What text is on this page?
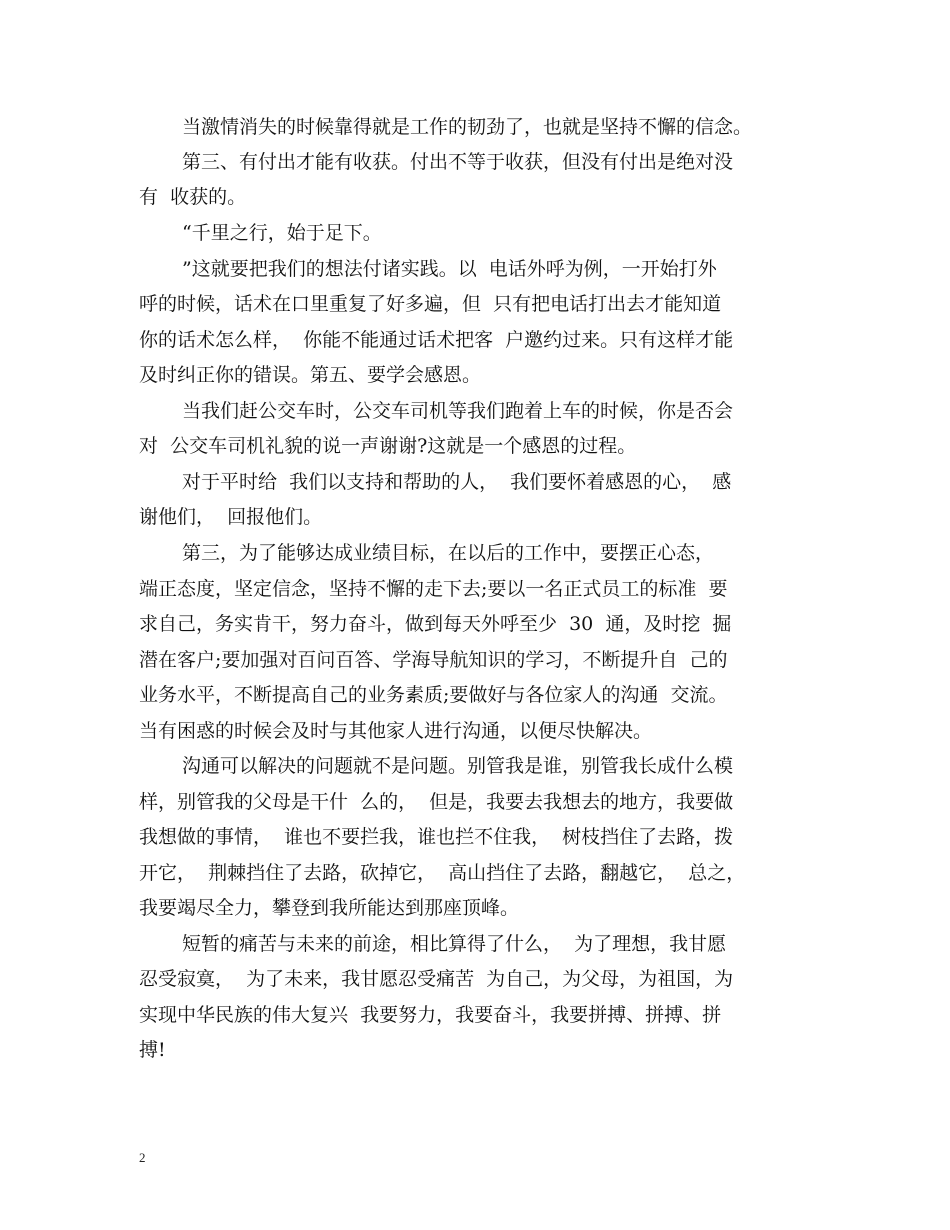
当激情消失的时候靠得就是工作的韧劲了，也就是坚持不懈的信念。
第三、有付出才能有收获。付出不等于收获，但没有付出是绝对没
有  收获的。
“千里之行，始于足下。
”这就要把我们的想法付诸实践。以  电话外呼为例，一开始打外
呼的时候，话术在口里重复了好多遍，但  只有把电话打出去才能知道
你的话术怎么样，  你能不能通过话术把客  户邀约过来。只有这样才能
及时纠正你的错误。第五、要学会感恩。
当我们赶公交车时，公交车司机等我们跑着上车的时候，你是否会
对  公交车司机礼貌的说一声谢谢?这就是一个感恩的过程。
对于平时给  我们以支持和帮助的人，  我们要怀着感恩的心，  感
谢他们，  回报他们。
第三，为了能够达成业绩目标，在以后的工作中，要摆正心态，
端正态度，坚定信念，坚持不懈的走下去;要以一名正式员工的标准  要
求自己，务实肯干，努力奋斗，做到每天外呼至少  30  通，及时挖  掘
潜在客户;要加强对百问百答、学海导航知识的学习，不断提升自  己的
业务水平，不断提高自己的业务素质;要做好与各位家人的沟通  交流。
当有困惑的时候会及时与其他家人进行沟通，以便尽快解决。
沟通可以解决的问题就不是问题。别管我是谁，别管我长成什么模
样，别管我的父母是干什  么的，  但是，我要去我想去的地方，我要做
我想做的事情，  谁也不要拦我，谁也拦不住我，  树枝挡住了去路，拨
开它，  荆棘挡住了去路，砍掉它，  高山挡住了去路，翻越它，  总之，
我要竭尽全力，攀登到我所能达到那座顶峰。
短暂的痛苦与未来的前途，相比算得了什么，  为了理想，我甘愿
忍受寂寞，  为了未来，我甘愿忍受痛苦  为自己，为父母，为祖国，为
实现中华民族的伟大复兴  我要努力，我要奋斗，我要拼搏、拼搏、拼
搏!
2
